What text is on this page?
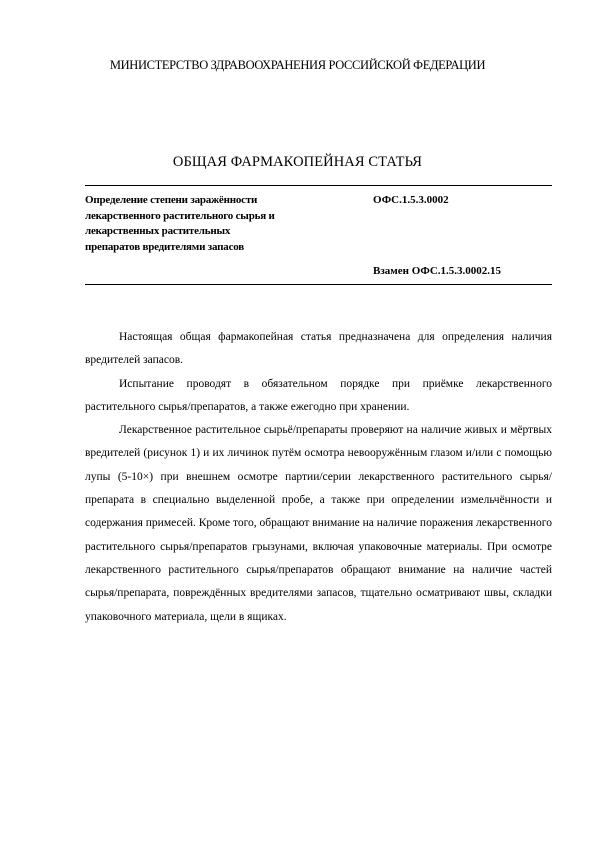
МИНИСТЕРСТВО ЗДРАВООХРАНЕНИЯ РОССИЙСКОЙ ФЕДЕРАЦИИ
ОБЩАЯ ФАРМАКОПЕЙНАЯ СТАТЬЯ
Определение степени заражённости
лекарственного растительного сырья и
лекарственных растительных
препаратов вредителями запасов
ОФС.1.5.3.0002
Взамен ОФС.1.5.3.0002.15

Настоящая общая фармакопейная статья предназначена для определения наличия вредителей запасов.

Испытание проводят в обязательном порядке при приёмке лекарственного растительного сырья/препаратов, а также ежегодно при хранении.

Лекарственное растительное сырьё/препараты проверяют на наличие живых и мёртвых вредителей (рисунок 1) и их личинок путём осмотра невооружённым глазом и/или с помощью лупы (5-10×) при внешнем осмотре партии/серии лекарственного растительного сырья/препарата в специально выделенной пробе, а также при определении измельчённости и содержания примесей. Кроме того, обращают внимание на наличие поражения лекарственного растительного сырья/препаратов грызунами, включая упаковочные материалы. При осмотре лекарственного растительного сырья/препаратов обращают внимание на наличие частей сырья/препарата, повреждённых вредителями запасов, тщательно осматривают швы, складки упаковочного материала, щели в ящиках.
